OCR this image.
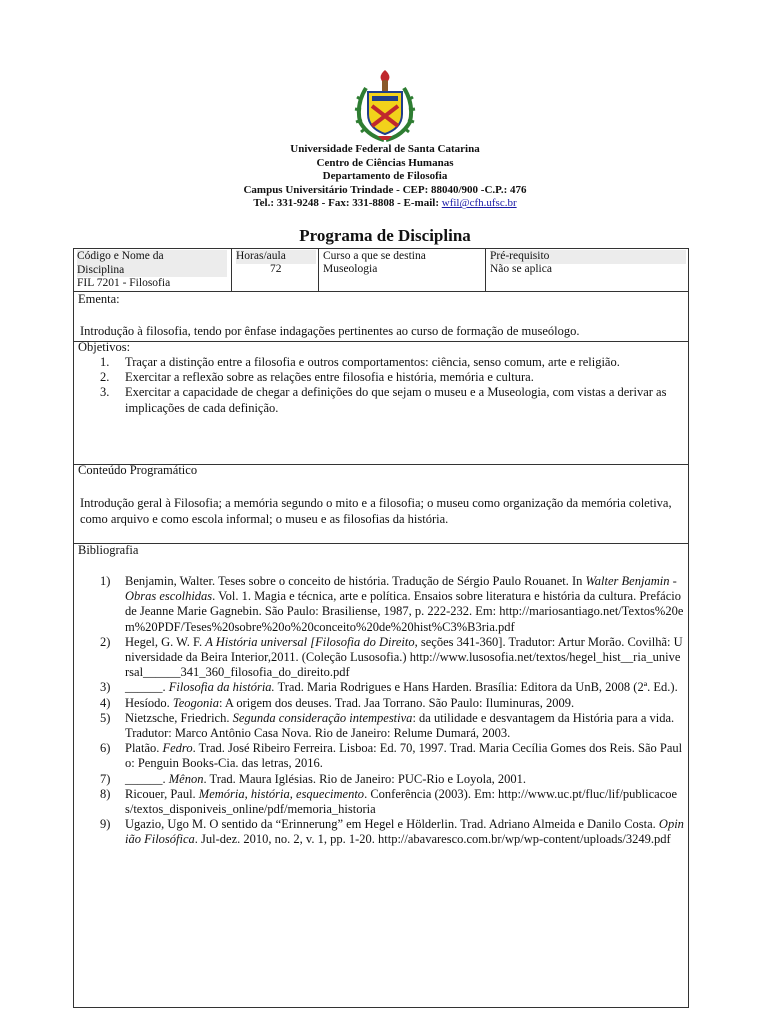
Universidade Federal de Santa Catarina
Centro de Ciências Humanas
Departamento de Filosofia
Campus Universitário Trindade - CEP: 88040/900 -C.P.: 476
Tel.: 331-9248 - Fax: 331-8808 - E-mail: wfil@cfh.ufsc.br
Programa de Disciplina
Código e Nome da
Disciplina
FIL 7201 - Filosofia
Horas/aula
72
Curso a que se destina
Museologia
Pré-requisito
Não se aplica
Ementa:
Introdução à filosofia, tendo por ênfase indagações pertinentes ao curso de formação de museólogo.
Objetivos:
1. Traçar a distinção entre a filosofia e outros comportamentos: ciência, senso comum, arte e religião.
2. Exercitar a reflexão sobre as relações entre filosofia e história, memória e cultura.
3. Exercitar a capacidade de chegar a definições do que sejam o museu e a Museologia, com vistas a derivar as implicações de cada definição.
Conteúdo Programático
Introdução geral à Filosofia; a memória segundo o mito e a filosofia; o museu como organização da memória coletiva, como arquivo e como escola informal; o museu e as filosofias da história.
Bibliografia
1) Benjamin, Walter. Teses sobre o conceito de história. Tradução de Sérgio Paulo Rouanet. In Walter Benjamin - Obras escolhidas. Vol. 1. Magia e técnica, arte e política. Ensaios sobre literatura e história da cultura. Prefácio de Jeanne Marie Gagnebin. São Paulo: Brasiliense, 1987, p. 222-232. Em: http://mariosantiago.net/Textos%20em%20PDF/Teses%20sobre%20o%20conceito%20de%20hist%C3%B3ria.pdf
2) Hegel, G. W. F. A História universal [Filosofia do Direito, seções 341-360]. Tradutor: Artur Morão. Covilhã: Universidade da Beira Interior,2011. (Coleção Lusosofia.) http://www.lusosofia.net/textos/hegel_hist__ria_universal______341_360_filosofia_do_direito.pdf
3) ______. Filosofia da história. Trad. Maria Rodrigues e Hans Harden. Brasília: Editora da UnB, 2008 (2ª. Ed.).
4) Hesíodo. Teogonia: A origem dos deuses. Trad. Jaa Torrano. São Paulo: Iluminuras, 2009.
5) Nietzsche, Friedrich. Segunda consideração intempestiva: da utilidade e desvantagem da História para a vida. Tradutor: Marco Antônio Casa Nova. Rio de Janeiro: Relume Dumará, 2003.
6) Platão. Fedro. Trad. José Ribeiro Ferreira. Lisboa: Ed. 70, 1997. Trad. Maria Cecília Gomes dos Reis. São Paulo: Penguin Books-Cia. das letras, 2016.
7) ______. Mênon. Trad. Maura Iglésias. Rio de Janeiro: PUC-Rio e Loyola, 2001.
8) Ricouer, Paul. Memória, história, esquecimento. Conferência (2003). Em: http://www.uc.pt/fluc/lif/publicacoes/textos_disponiveis_online/pdf/memoria_historia
9) Ugazio, Ugo M. O sentido da “Erinnerung” em Hegel e Hölderlin. Trad. Adriano Almeida e Danilo Costa. Opinião Filosófica. Jul-dez. 2010, no. 2, v. 1, pp. 1-20. http://abavaresco.com.br/wp/wp-content/uploads/3249.pdf
